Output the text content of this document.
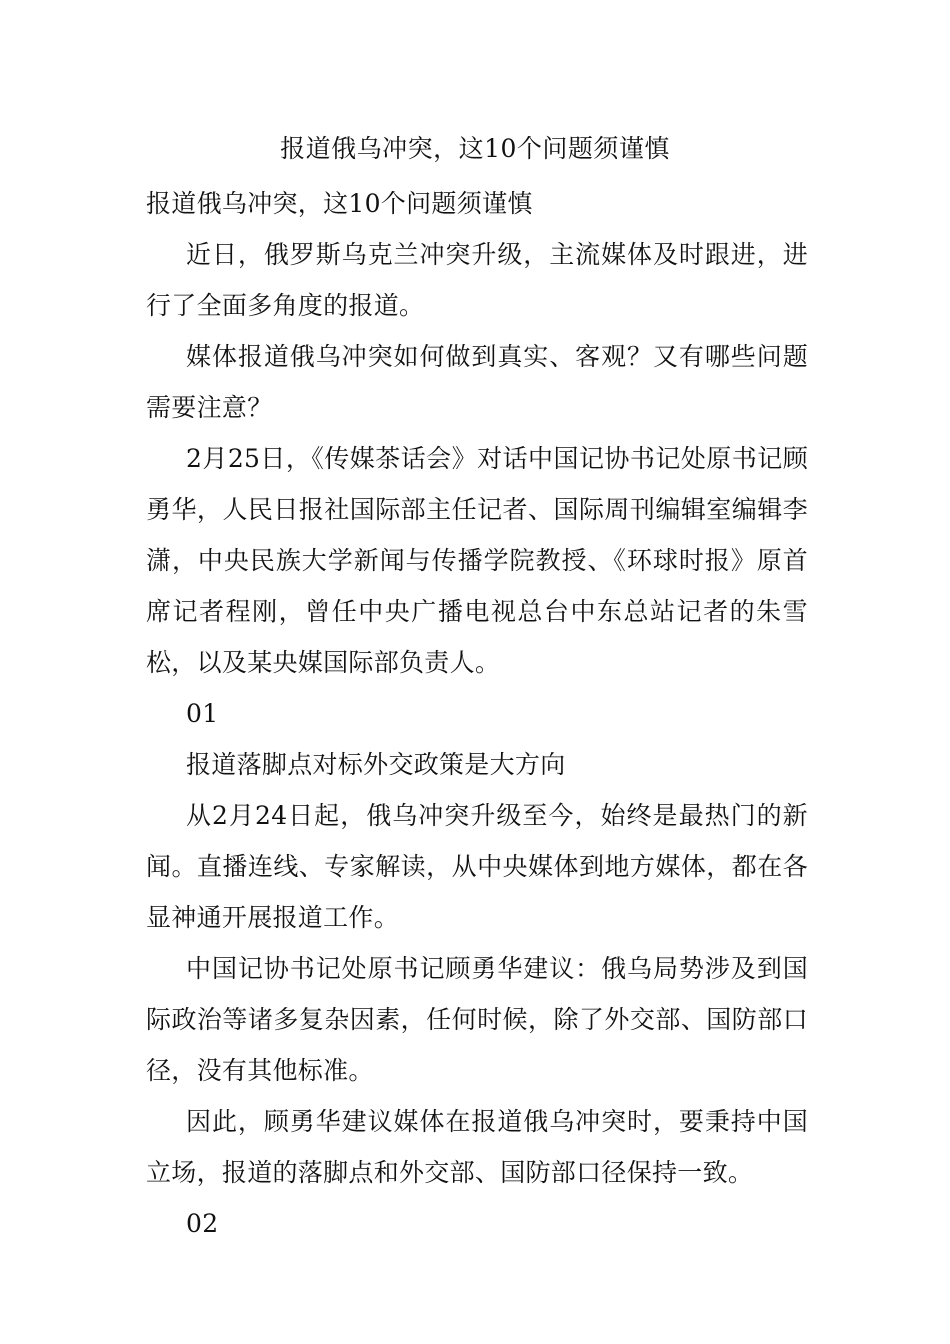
报道俄乌冲突，这10个问题须谨慎

报道俄乌冲突，这10个问题须谨慎

近日，俄罗斯乌克兰冲突升级，主流媒体及时跟进，进行了全面多角度的报道。

媒体报道俄乌冲突如何做到真实、客观？又有哪些问题需要注意？

2月25日，《传媒茶话会》对话中国记协书记处原书记顾勇华，人民日报社国际部主任记者、国际周刊编辑室编辑李潇，中央民族大学新闻与传播学院教授、《环球时报》原首席记者程刚，曾任中央广播电视总台中东总站记者的朱雪松，以及某央媒国际部负责人。

01

报道落脚点对标外交政策是大方向

从2月24日起，俄乌冲突升级至今，始终是最热门的新闻。直播连线、专家解读，从中央媒体到地方媒体，都在各显神通开展报道工作。

中国记协书记处原书记顾勇华建议：俄乌局势涉及到国际政治等诸多复杂因素，任何时候，除了外交部、国防部口径，没有其他标准。

因此，顾勇华建议媒体在报道俄乌冲突时，要秉持中国立场，报道的落脚点和外交部、国防部口径保持一致。

02
